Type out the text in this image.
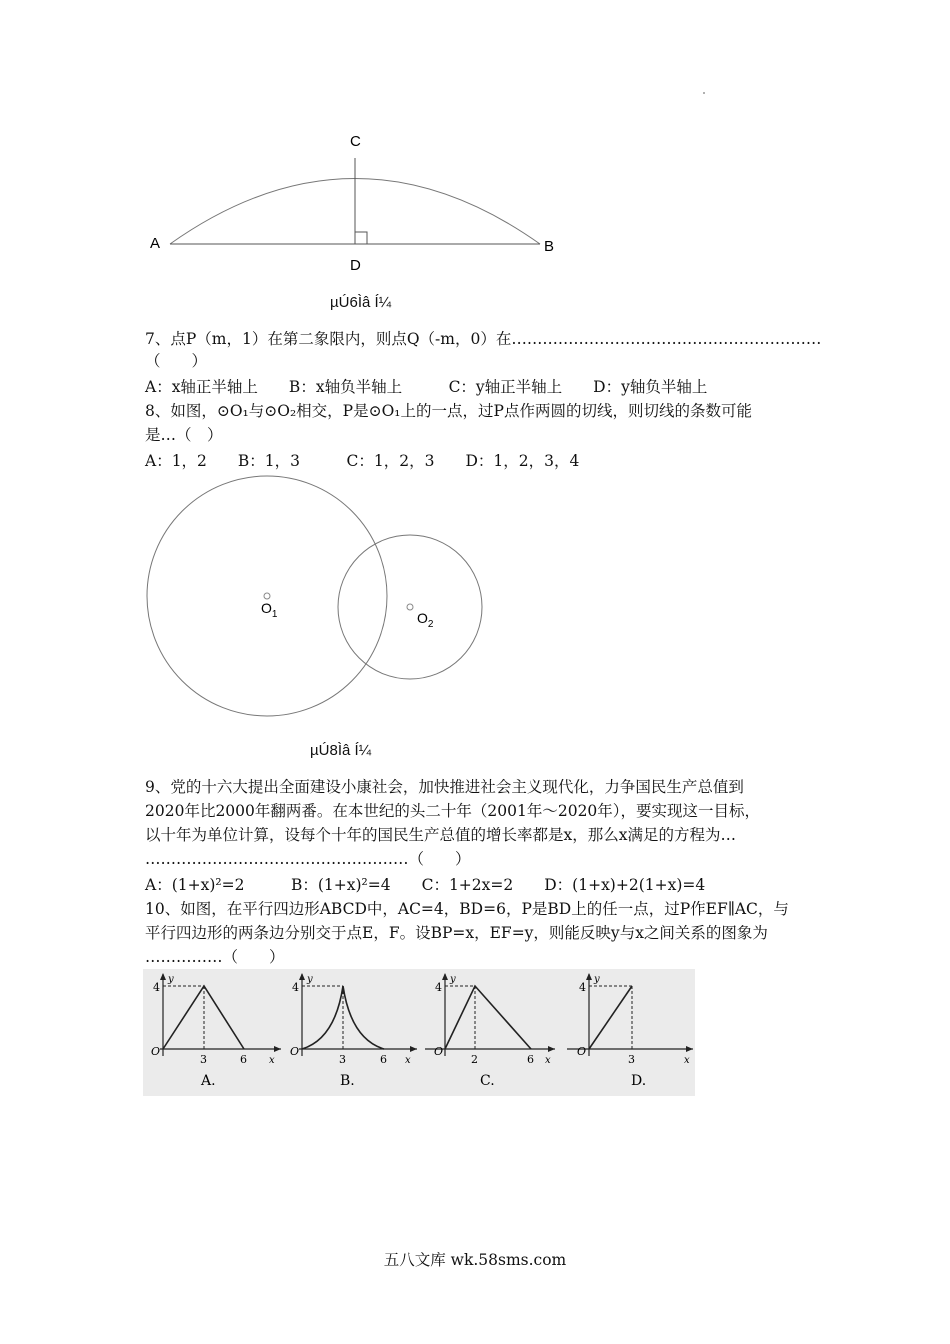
A	B
C
D
µÚ6Ìâ Í¼
7、点P（m，1）在第二象限内，则点Q（-m，0）在……………………………………………………
（　　）
A：x轴正半轴上　　B：x轴负半轴上　　　C：y轴正半轴上　　D：y轴负半轴上
8、如图，⊙O₁与⊙O₂相交，P是⊙O₁上的一点，过P点作两圆的切线，则切线的条数可能
是…（　）
A：1，2　　B：1，3　　　C：1，2，3　　D：1，2，3，4
$O_1$	$O_2$
µÚ8Ìâ Í¼
9、党的十六大提出全面建设小康社会，加快推进社会主义现代化，力争国民生产总值到
2020年比2000年翻两番。在本世纪的头二十年（2001年～2020年），要实现这一目标，
以十年为单位计算，设每个十年的国民生产总值的增长率都是x，那么x满足的方程为…
……………………………………………（　　）
A：(1+x)²=2　　　B：(1+x)²=4　　C：1+2x=2　　D：(1+x)+2(1+x)=4
10、如图，在平行四边形ABCD中，AC=4，BD=6，P是BD上的任一点，过P作EF∥AC，与
平行四边形的两条边分别交于点E，F。设BP=x，EF=y，则能反映y与x之间关系的图象为
……………（　　）
y
x
O
4
3	6
A.
y
x
O
4
3	6
B.
y
x
O
4
2	6
C.
y
x
O
4
3
D.
五八文库 wk.58sms.com
